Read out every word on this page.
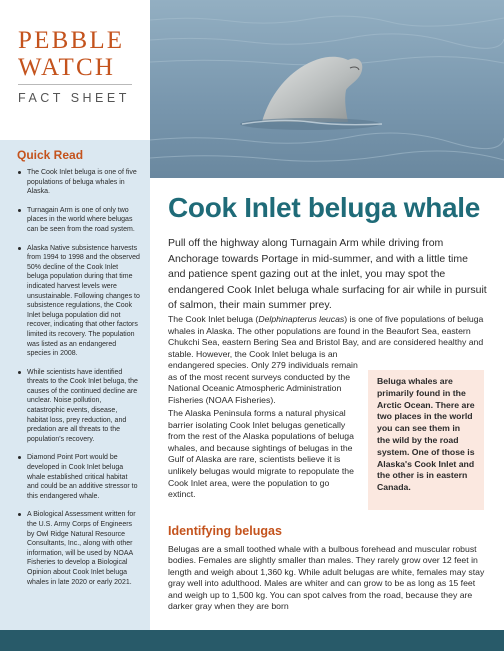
PEBBLE
WATCH
FACT SHEET
Quick Read
The Cook Inlet beluga is one of five populations of beluga whales in Alaska.
Turnagain Arm is one of only two places in the world where belugas can be seen from the road system.
Alaska Native subsistence harvests from 1994 to 1998 and the observed 50% decline of the Cook Inlet beluga population during that time indicated harvest levels were unsustainable. Following changes to subsistence regulations, the Cook Inlet beluga population did not recover, indicating that other factors limited its recovery. The population was listed as an endangered species in 2008.
While scientists have identified threats to the Cook Inlet beluga, the causes of the continued decline are unclear. Noise pollution, catastrophic events, disease, habitat loss, prey reduction, and predation are all threats to the population's recovery.
Diamond Point Port would be developed in Cook Inlet beluga whale established critical habitat and could be an additive stressor to this endangered whale.
A Biological Assessment written for the U.S. Army Corps of Engineers by Owl Ridge Natural Resource Consultants, Inc., along with other information, will be used by NOAA Fisheries to develop a Biological Opinion about Cook Inlet beluga whales in late 2020 or early 2021.
Cook Inlet beluga whale

Pull off the highway along Turnagain Arm while driving from Anchorage towards Portage in mid-summer, and with a little time and patience spent gazing out at the inlet, you may spot the endangered Cook Inlet beluga whale surfacing for air while in pursuit of salmon, their main summer prey.

The Cook Inlet beluga (Delphinapterus leucas) is one of five populations of beluga whales in Alaska. The other populations are found in the Beaufort Sea, eastern Chukchi Sea, eastern Bering Sea and Bristol Bay, and are considered healthy and stable. However, the Cook Inlet beluga is an

endangered species. Only 279 individuals remain as of the most recent surveys conducted by the National Oceanic Atmospheric Administration Fisheries (NOAA Fisheries).

The Alaska Peninsula forms a natural physical barrier isolating Cook Inlet belugas genetically from the rest of the Alaska populations of beluga whales, and because sightings of belugas in the Gulf of Alaska are rare, scientists believe it is unlikely belugas would migrate to repopulate the Cook Inlet area, were the population to go extinct.

Beluga whales are primarily found in the Arctic Ocean. There are two places in the world you can see them in the wild by the road system. One of those is Alaska's Cook Inlet and the other is in eastern Canada.
Identifying belugas

Belugas are a small toothed whale with a bulbous forehead and muscular robust bodies. Females are slightly smaller than males. They rarely grow over 12 feet in length and weigh about 1,360 kg. While adult belugas are white, females may stay gray well into adulthood. Males are whiter and can grow to be as long as 15 feet and weigh up to 1,500 kg. You can spot calves from the road, because they are darker gray when they are born
